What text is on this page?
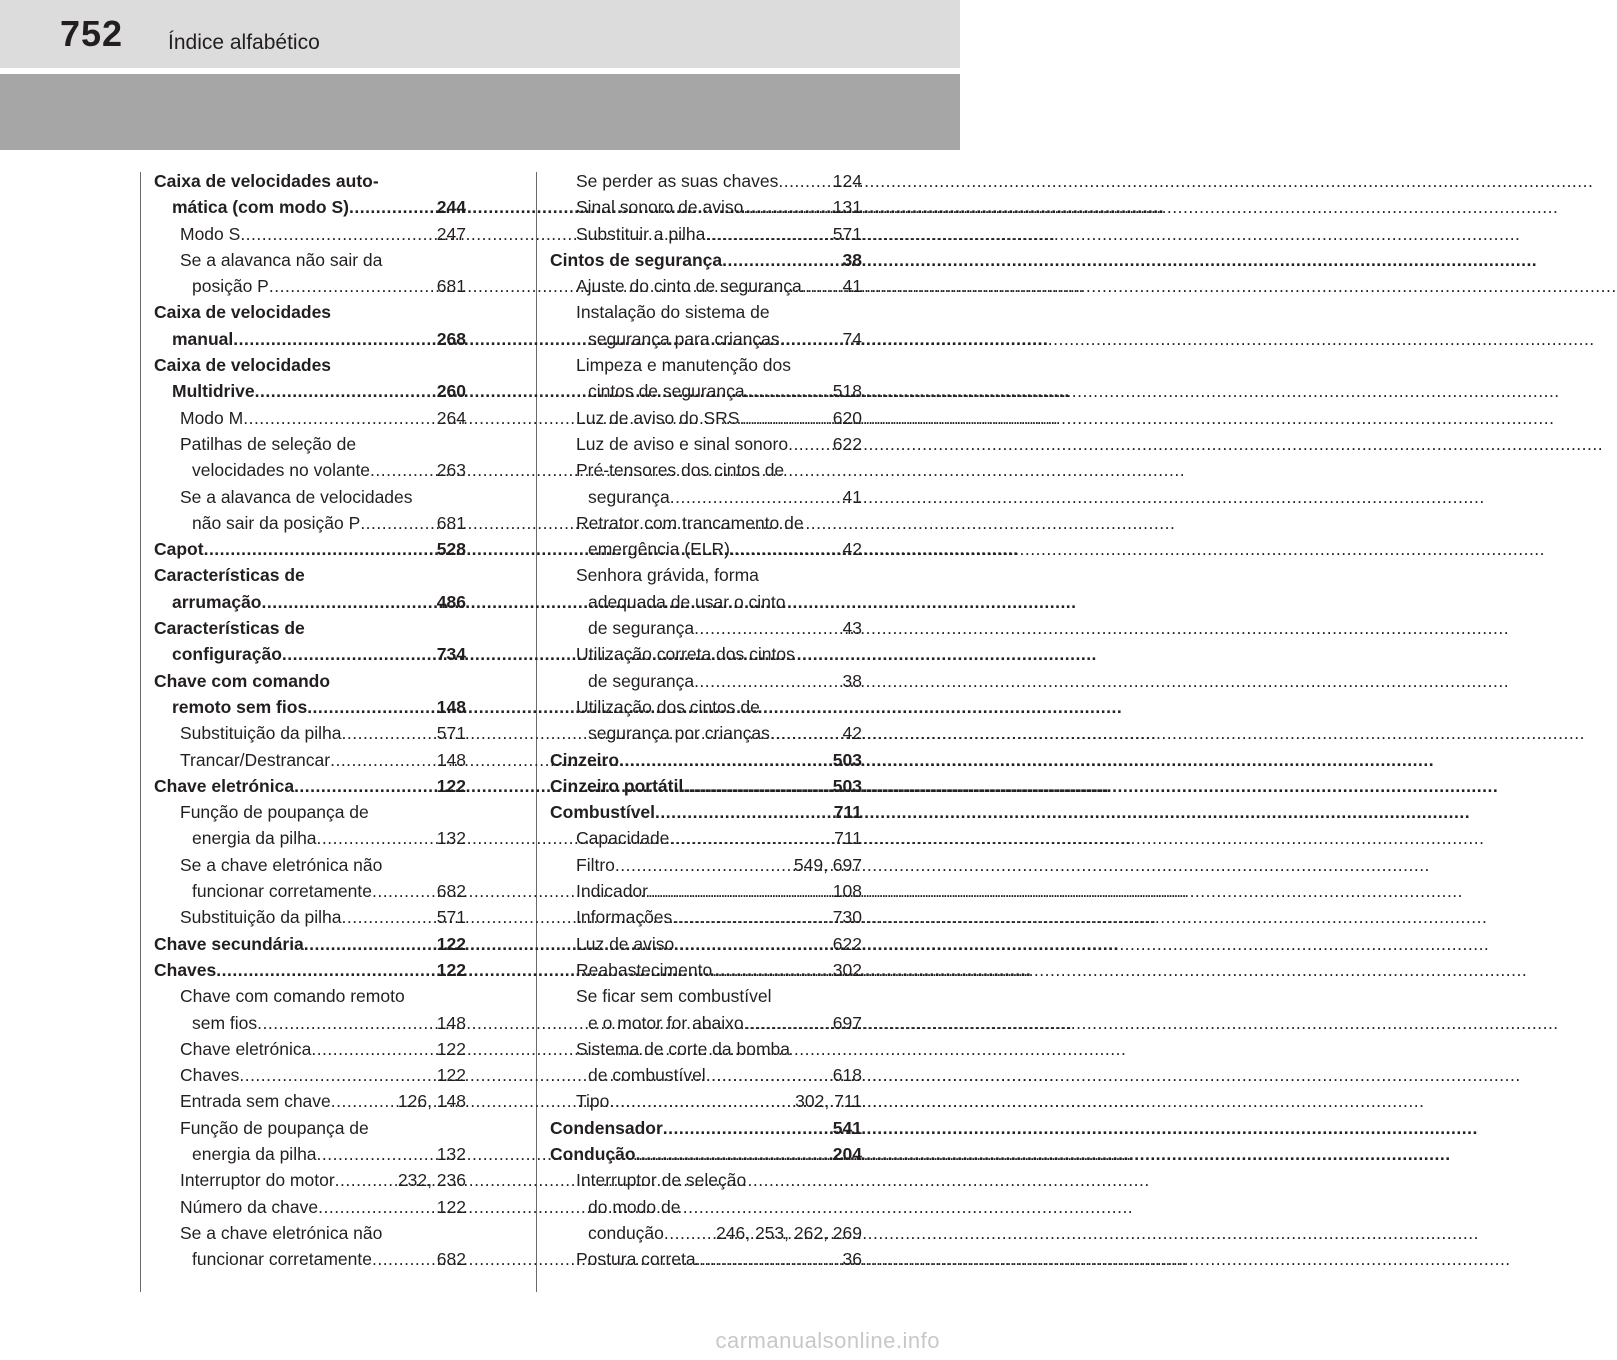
752 Índice alfabético
Caixa de velocidades auto-
mática (com modo S) .....	244
Modo S .....	247
Se a alavanca não sair da
posição P .....	681
Caixa de velocidades
manual .....	268
Caixa de velocidades
Multidrive .....	260
Modo M .....	264
Patilhas de seleção de
velocidades no volante .....	263
Se a alavanca de velocidades
não sair da posição P .....	681
Capot .....	528
Características de
arrumação .....	486
Características de
configuração .....	734
Chave com comando
remoto sem fios .....	148
Substituição da pilha .....	571
Trancar/Destrancar .....	148
Chave eletrónica .....	122
Função de poupança de
energia da pilha .....	132
Se a chave eletrónica não
funcionar corretamente .....	682
Substituição da pilha .....	571
Chave secundária .....	122
Chaves .....	122
Chave com comando remoto
sem fios .....	148
Chave eletrónica .....	122
Chaves .....	122
Entrada sem chave .....	126, 148
Função de poupança de
energia da pilha .....	132
Interruptor do motor .....	232, 236
Número da chave .....	122
Se a chave eletrónica não
funcionar corretamente .....	682
Se perder as suas chaves .....	124
Sinal sonoro de aviso .....	131
Substituir a pilha .....	571
Cintos de segurança .....	38
Ajuste do cinto de segurança ..... 41
Instalação do sistema de
segurança para crianças .....	74
Limpeza e manutenção dos
cintos de segurança .....	518
Luz de aviso do SRS .....	620
Luz de aviso e sinal sonoro .....	622
Pré-tensores dos cintos de
segurança .....	41
Retrator com trancamento de
emergência (ELR) .....	42
Senhora grávida, forma
adequada de usar o cinto
de segurança .....	43
Utilização correta dos cintos
de segurança .....	38
Utilização dos cintos de
segurança por crianças .....	42
Cinzeiro .....	503
Cinzeiro portátil .....	503
Combustível .....	711
Capacidade .....	711
Filtro .....	549, 697
Indicador .....	108
Informações .....	730
Luz de aviso .....	622
Reabastecimento .....	302
Se ficar sem combustível
e o motor for abaixo .....	697
Sistema de corte da bomba
de combustível .....	618
Tipo .....	302, 711
Condensador .....	541
Condução .....	204
Interruptor de seleção
do modo de
condução .....	246, 253, 262, 269
Postura correta .....	36
carmanualsonline.info
